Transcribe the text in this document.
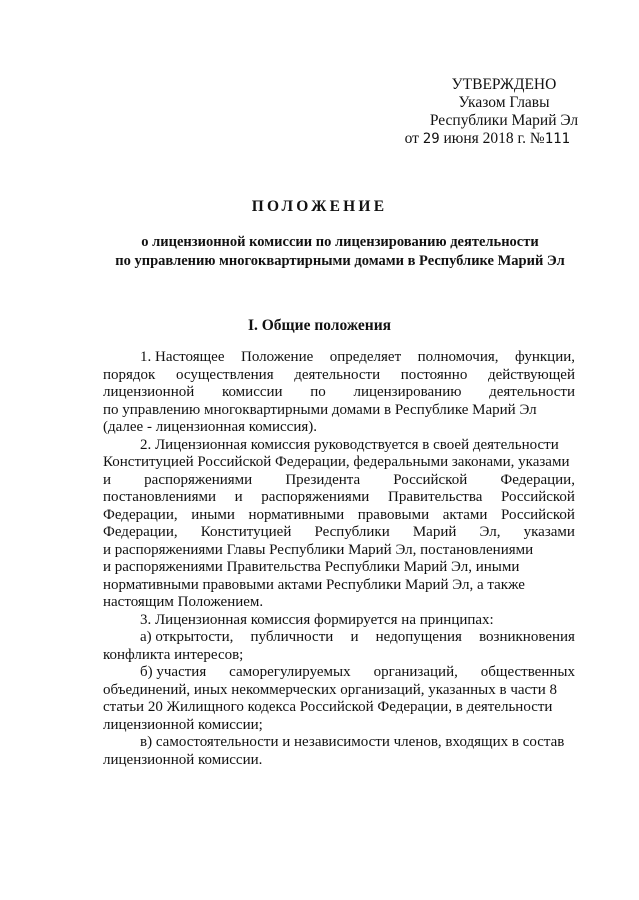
УТВЕРЖДЕНО
Указом Главы
Республики Марий Эл
от 29 июня 2018 г. №111
ПОЛОЖЕНИЕ
о лицензионной комиссии по лицензированию деятельности
по управлению многоквартирными домами в Республике Марий Эл
I. Общие положения
1. Настоящее Положение определяет полномочия, функции,
порядок осуществления деятельности постоянно действующей
лицензионной комиссии по лицензированию деятельности
по управлению многоквартирными домами в Республике Марий Эл
(далее - лицензионная комиссия).
2. Лицензионная комиссия руководствуется в своей деятельности
Конституцией Российской Федерации, федеральными законами, указами
и распоряжениями Президента Российской Федерации,
постановлениями и распоряжениями Правительства Российской
Федерации, иными нормативными правовыми актами Российской
Федерации, Конституцией Республики Марий Эл, указами
и распоряжениями Главы Республики Марий Эл, постановлениями
и распоряжениями Правительства Республики Марий Эл, иными
нормативными правовыми актами Республики Марий Эл, а также
настоящим Положением.
3. Лицензионная комиссия формируется на принципах:
а) открытости, публичности и недопущения возникновения
конфликта интересов;
б) участия саморегулируемых организаций, общественных
объединений, иных некоммерческих организаций, указанных в части 8
статьи 20 Жилищного кодекса Российской Федерации, в деятельности
лицензионной комиссии;
в) самостоятельности и независимости членов, входящих в состав
лицензионной комиссии.
